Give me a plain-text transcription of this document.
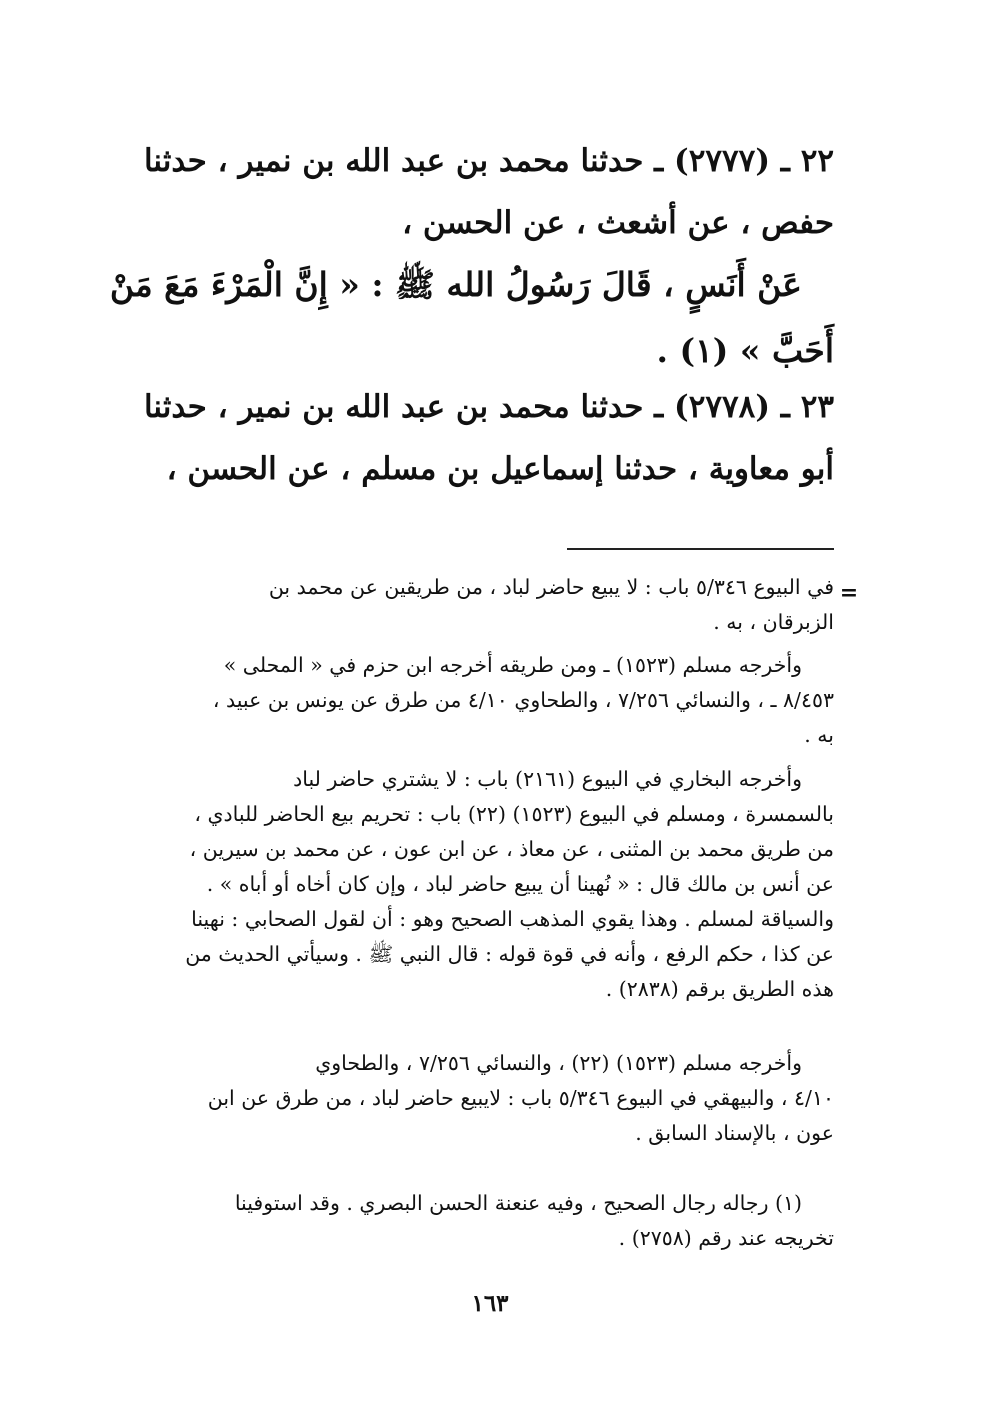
٢٢ ـ (٢٧٧٧) ـ حدثنا محمد بن عبد الله بن نمير ، حدثنا
حفص ، عن أشعث ، عن الحسن ،
عَنْ أَنَسٍ ، قَالَ رَسُولُ الله ﷺ : « إِنَّ الْمَرْءَ مَعَ مَنْ
أَحَبَّ » (١) .
٢٣ ـ (٢٧٧٨) ـ حدثنا محمد بن عبد الله بن نمير ، حدثنا
أبو معاوية ، حدثنا إسماعيل بن مسلم ، عن الحسن ،
=
في البيوع ٥/٣٤٦ باب : لا يبيع حاضر لباد ، من طريقين عن محمد بن
الزبرقان ، به .
وأخرجه مسلم (١٥٢٣) ـ ومن طريقه أخرجه ابن حزم في « المحلى »
٨/٤٥٣ ـ ، والنسائي ٧/٢٥٦ ، والطحاوي ٤/١٠ من طرق عن يونس بن عبيد ،
به .
وأخرجه البخاري في البيوع (٢١٦١) باب : لا يشتري حاضر لباد
بالسمسرة ، ومسلم في البيوع (١٥٢٣) (٢٢) باب : تحريم بيع الحاضر للبادي ،
من طريق محمد بن المثنى ، عن معاذ ، عن ابن عون ، عن محمد بن سيرين ،
عن أنس بن مالك قال : « نُهينا أن يبيع حاضر لباد ، وإن كان أخاه أو أباه » .
والسياقة لمسلم . وهذا يقوي المذهب الصحيح وهو : أن لقول الصحابي : نهينا
عن كذا ، حكم الرفع ، وأنه في قوة قوله : قال النبي ﷺ . وسيأتي الحديث من
هذه الطريق برقم (٢٨٣٨) .
وأخرجه مسلم (١٥٢٣) (٢٢) ، والنسائي ٧/٢٥٦ ، والطحاوي
٤/١٠ ، والبيهقي في البيوع ٥/٣٤٦ باب : لايبيع حاضر لباد ، من طرق عن ابن
عون ، بالإسناد السابق .
(١) رجاله رجال الصحيح ، وفيه عنعنة الحسن البصري . وقد استوفينا
تخريجه عند رقم (٢٧٥٨) .
١٦٣
